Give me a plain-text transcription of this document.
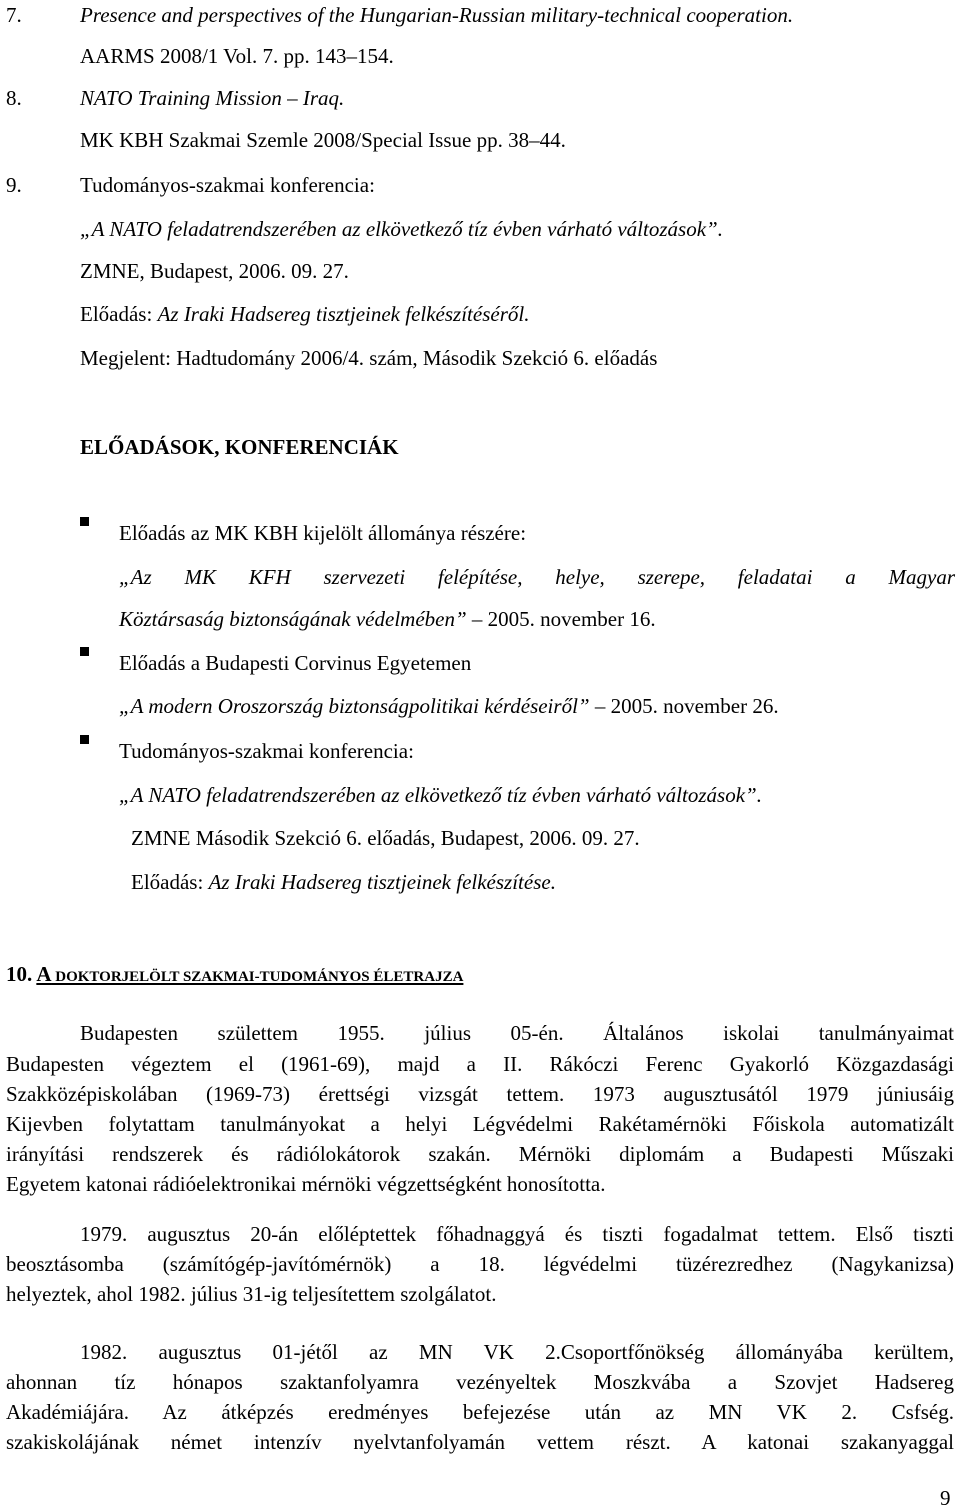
7.	Presence and perspectives of the Hungarian-Russian military-technical cooperation.
AARMS 2008/1 Vol. 7. pp. 143–154.
8.	NATO Training Mission – Iraq.
MK KBH Szakmai Szemle 2008/Special Issue pp. 38–44.
9.	Tudományos-szakmai konferencia:
„A NATO feladatrendszerében az elkövetkező tíz évben várható változások”.
ZMNE, Budapest, 2006. 09. 27.
Előadás: Az Iraki Hadsereg tisztjeinek felkészítéséről.
Megjelent: Hadtudomány 2006/4. szám, Második Szekció 6. előadás
ELŐADÁSOK, KONFERENCIÁK
Előadás az MK KBH kijelölt állománya részére:
„Az MK KFH szervezeti felépítése, helye, szerepe, feladatai a Magyar
Köztársaság biztonságának védelmében” – 2005. november 16.
Előadás a Budapesti Corvinus Egyetemen
„A modern Oroszország biztonságpolitikai kérdéseiről” – 2005. november 26.
Tudományos-szakmai konferencia:
„A NATO feladatrendszerében az elkövetkező tíz évben várható változások”.
ZMNE Második Szekció 6. előadás, Budapest, 2006. 09. 27.
Előadás: Az Iraki Hadsereg tisztjeinek felkészítése.
10. A DOKTORJELÖLT SZAKMAI-TUDOMÁNYOS ÉLETRAJZA
Budapesten születtem 1955. július 05-én. Általános iskolai tanulmányaimat
Budapesten végeztem el (1961-69), majd a II. Rákóczi Ferenc Gyakorló Közgazdasági
Szakközépiskolában (1969-73) érettségi vizsgát tettem. 1973 augusztusától 1979 júniusáig
Kijevben folytattam tanulmányokat a helyi Légvédelmi Rakétamérnöki Főiskola automatizált
irányítási rendszerek és rádiólokátorok szakán. Mérnöki diplomám a Budapesti Műszaki
Egyetem katonai rádióelektronikai mérnöki végzettségként honosította.
1979. augusztus 20-án előléptettek főhadnaggyá és tiszti fogadalmat tettem. Első tiszti
beosztásomba (számítógép-javítómérnök) a 18. légvédelmi tüzérezredhez (Nagykanizsa)
helyeztek, ahol 1982. július 31-ig teljesítettem szolgálatot.
1982. augusztus 01-jétől az MN VK 2.Csoportfőnökség állományába kerültem,
ahonnan tíz hónapos szaktanfolyamra vezényeltek Moszkvába a Szovjet Hadsereg
Akadémiájára. Az átképzés eredményes befejezése után az MN VK 2. Csfség.
szakiskolájának német intenzív nyelvtanfolyamán vettem részt. A katonai szakanyaggal
9
